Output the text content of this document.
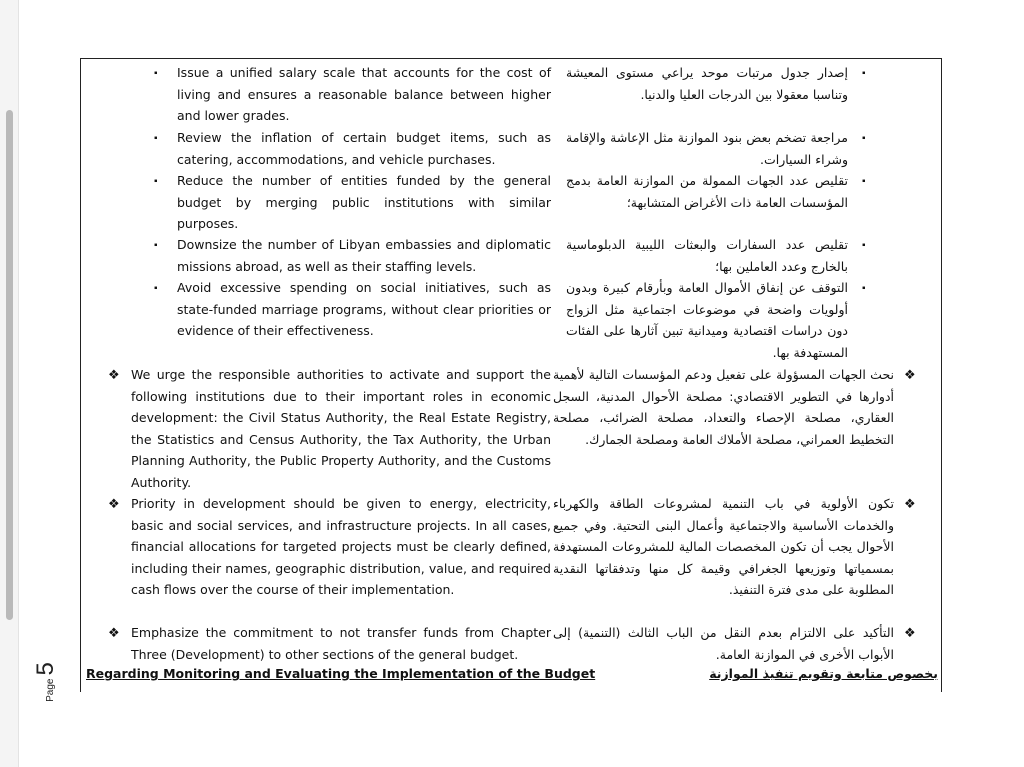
Page5
▪ Issue a unified salary scale that accounts for the cost of living and ensures a reasonable balance between higher and lower grades.
▪ Review the inflation of certain budget items, such as catering, accommodations, and vehicle purchases.
▪ Reduce the number of entities funded by the general budget by merging public institutions with similar purposes.
▪ Downsize the number of Libyan embassies and diplomatic missions abroad, as well as their staffing levels.
▪ Avoid excessive spending on social initiatives, such as state-funded marriage programs, without clear priorities or evidence of their effectiveness.
❖ We urge the responsible authorities to activate and support the following institutions due to their important roles in economic development: the Civil Status Authority, the Real Estate Registry, the Statistics and Census Authority, the Tax Authority, the Urban Planning Authority, the Public Property Authority, and the Customs Authority.
❖ Priority in development should be given to energy, electricity, basic and social services, and infrastructure projects. In all cases, financial allocations for targeted projects must be clearly defined, including their names, geographic distribution, value, and required cash flows over the course of their implementation.
❖ Emphasize the commitment to not transfer funds from Chapter Three (Development) to other sections of the general budget.
▪
إصدار جدول مرتبات موحد يراعي مستوى المعيشة وتناسبا معقولا بين الدرجات العليا والدنيا.
▪
مراجعة تضخم بعض بنود الموازنة مثل الإعاشة والإقامة وشراء السيارات.
▪
تقليص عدد الجهات الممولة من الموازنة العامة بدمج المؤسسات العامة ذات الأغراض المتشابهة؛
▪
تقليص عدد السفارات والبعثات الليبية الدبلوماسية بالخارج وعدد العاملين بها؛
▪
التوقف عن إنفاق الأموال العامة وبأرقام كبيرة وبدون أولويات واضحة في موضوعات اجتماعية مثل الزواج دون دراسات اقتصادية وميدانية تبين آثارها على الفئات المستهدفة بها.
❖
نحث الجهات المسؤولة على تفعيل ودعم المؤسسات التالية لأهمية أدوارها في التطوير الاقتصادي: مصلحة الأحوال المدنية، السجل العقاري، مصلحة الإحصاء والتعداد، مصلحة الضرائب، مصلحة التخطيط العمراني، مصلحة الأملاك العامة ومصلحة الجمارك.
❖
تكون الأولوية في باب التنمية لمشروعات الطاقة والكهرباء والخدمات الأساسية والاجتماعية وأعمال البنى التحتية. وفي جميع الأحوال يجب أن تكون المخصصات المالية للمشروعات المستهدفة بمسمياتها وتوزيعها الجغرافي وقيمة كل منها وتدفقاتها النقدية المطلوبة على مدى فترة التنفيذ.
❖
التأكيد على الالتزام بعدم النقل من الباب الثالث (التنمية) إلى الأبواب الأخرى في الموازنة العامة.
Regarding Monitoring and Evaluating the Implementation of the Budget	بخصوص متابعة وتقويم تنفيذ الموازنة
